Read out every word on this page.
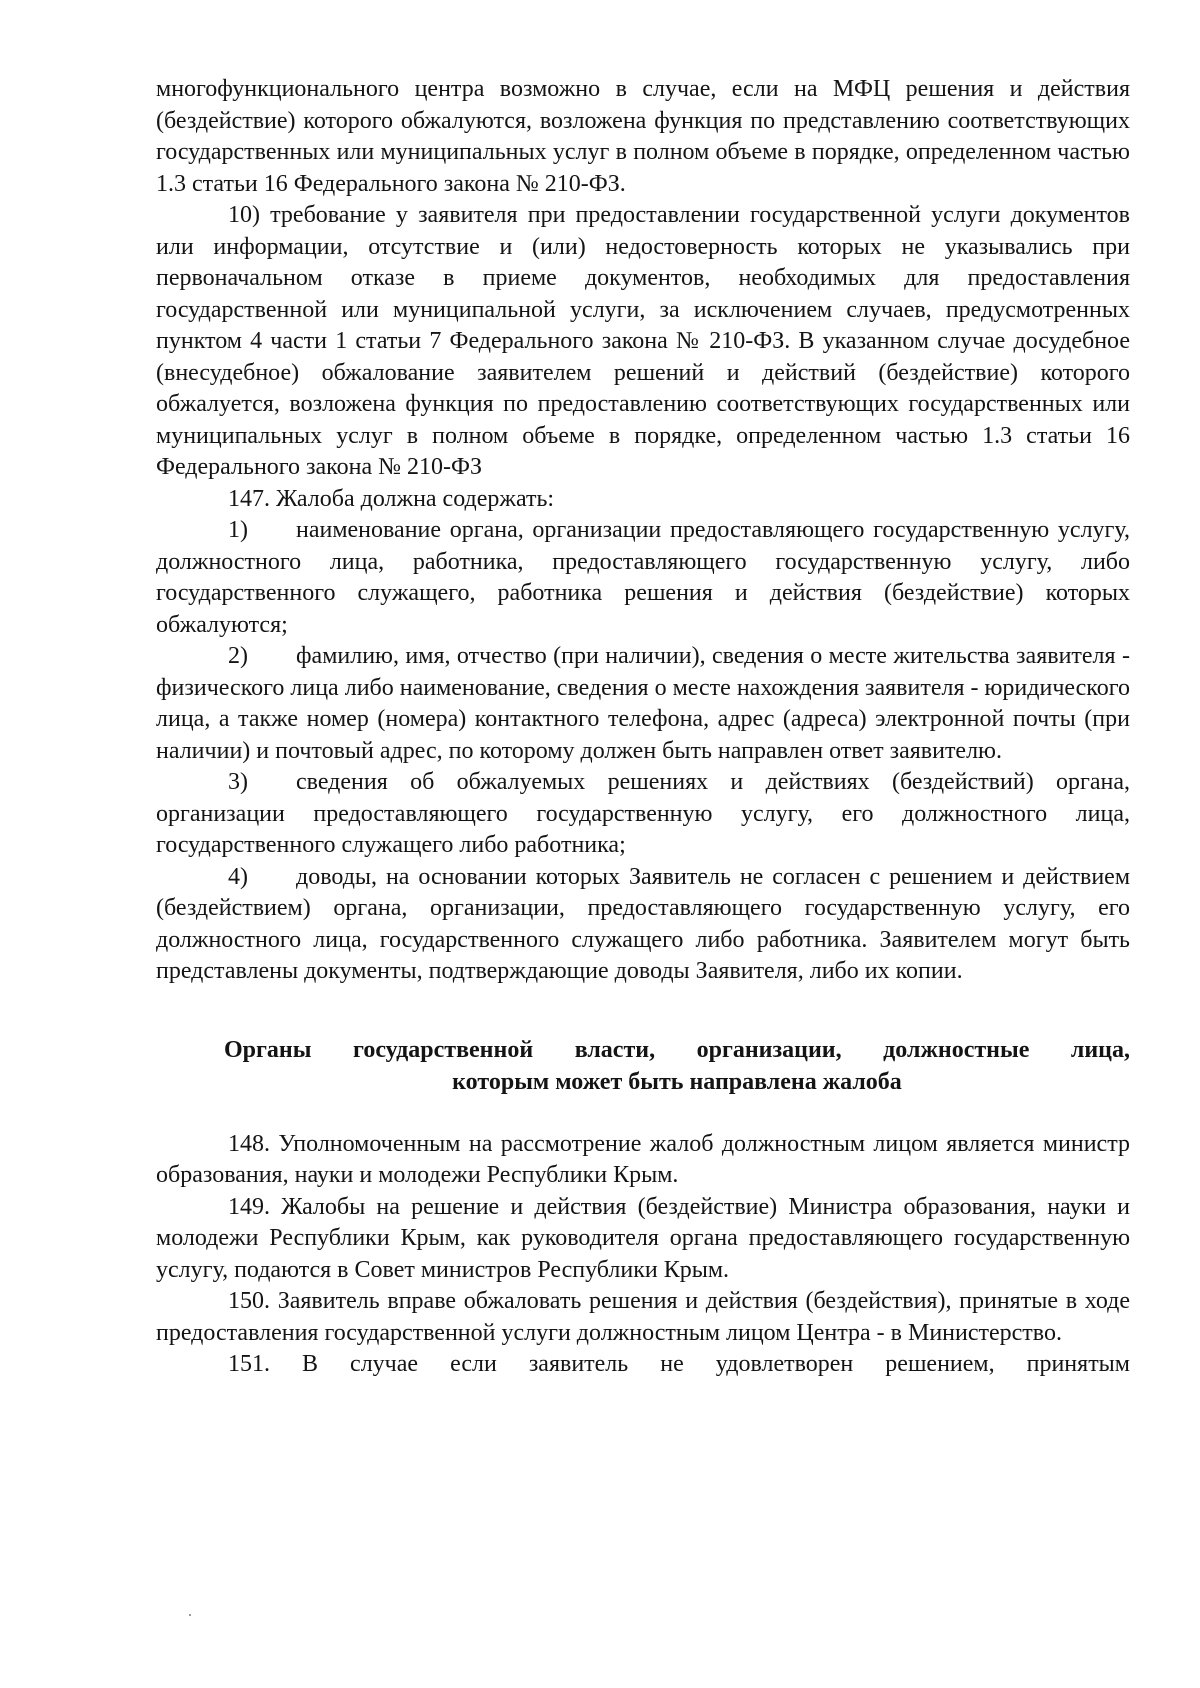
многофункционального центра возможно в случае, если на МФЦ решения и действия (бездействие) которого обжалуются, возложена функция по представлению соответствующих государственных или муниципальных услуг в полном объеме в порядке, определенном частью 1.3 статьи 16 Федерального закона № 210-ФЗ.

10) требование у заявителя при предоставлении государственной услуги документов или информации, отсутствие и (или) недостоверность которых не указывались при первоначальном отказе в приеме документов, необходимых для предоставления государственной или муниципальной услуги, за исключением случаев, предусмотренных пунктом 4 части 1 статьи 7 Федерального закона № 210-ФЗ. В указанном случае досудебное (внесудебное) обжалование заявителем решений и действий (бездействие) которого обжалуется, возложена функция по предоставлению соответствующих государственных или муниципальных услуг в полном объеме в порядке, определенном частью 1.3 статьи 16 Федерального закона № 210-ФЗ

147. Жалоба должна содержать:

1) наименование органа, организации предоставляющего государственную услугу, должностного лица, работника, предоставляющего государственную услугу, либо государственного служащего, работника решения и действия (бездействие) которых обжалуются;

2) фамилию, имя, отчество (при наличии), сведения о месте жительства заявителя - физического лица либо наименование, сведения о месте нахождения заявителя - юридического лица, а также номер (номера) контактного телефона, адрес (адреса) электронной почты (при наличии) и почтовый адрес, по которому должен быть направлен ответ заявителю.

3) сведения об обжалуемых решениях и действиях (бездействий) органа, организации предоставляющего государственную услугу, его должностного лица, государственного служащего либо работника;

4) доводы, на основании которых Заявитель не согласен с решением и действием (бездействием) органа, организации, предоставляющего государственную услугу, его должностного лица, государственного служащего либо работника. Заявителем могут быть представлены документы, подтверждающие доводы Заявителя, либо их копии.

Органы государственной власти, организации, должностные лица,
которым может быть направлена жалоба

148. Уполномоченным на рассмотрение жалоб должностным лицом является министр образования, науки и молодежи Республики Крым.

149. Жалобы на решение и действия (бездействие) Министра образования, науки и молодежи Республики Крым, как руководителя органа предоставляющего государственную услугу, подаются в Совет министров Республики Крым.

150. Заявитель вправе обжаловать решения и действия (бездействия), принятые в ходе предоставления государственной услуги должностным лицом Центра - в Министерство.

151. В случае если заявитель не удовлетворен решением, принятым
